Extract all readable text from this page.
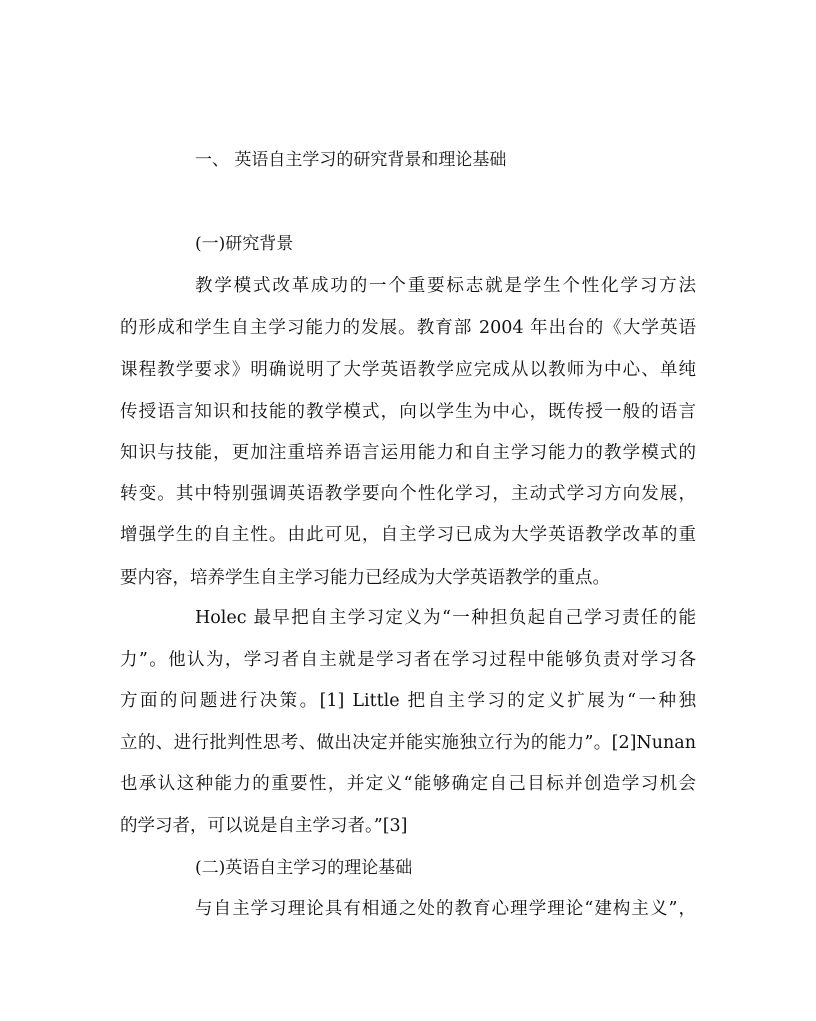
一、 英语自主学习的研究背景和理论基础
(一)研究背景
教学模式改革成功的一个重要标志就是学生个性化学习方法
的形成和学生自主学习能力的发展。教育部 2004 年出台的《大学英语
课程教学要求》明确说明了大学英语教学应完成从以教师为中心、单纯
传授语言知识和技能的教学模式，向以学生为中心，既传授一般的语言
知识与技能，更加注重培养语言运用能力和自主学习能力的教学模式的
转变。其中特别强调英语教学要向个性化学习，主动式学习方向发展，
增强学生的自主性。由此可见，自主学习已成为大学英语教学改革的重
要内容，培养学生自主学习能力已经成为大学英语教学的重点。
Holec 最早把自主学习定义为“一种担负起自己学习责任的能
力”。他认为，学习者自主就是学习者在学习过程中能够负责对学习各
方面的问题进行决策。[1] Little 把自主学习的定义扩展为“一种独
立的、进行批判性思考、做出决定并能实施独立行为的能力”。[2]Nunan
也承认这种能力的重要性，并定义“能够确定自己目标并创造学习机会
的学习者，可以说是自主学习者。”[3]
(二)英语自主学习的理论基础
与自主学习理论具有相通之处的教育心理学理论“建构主义”，
